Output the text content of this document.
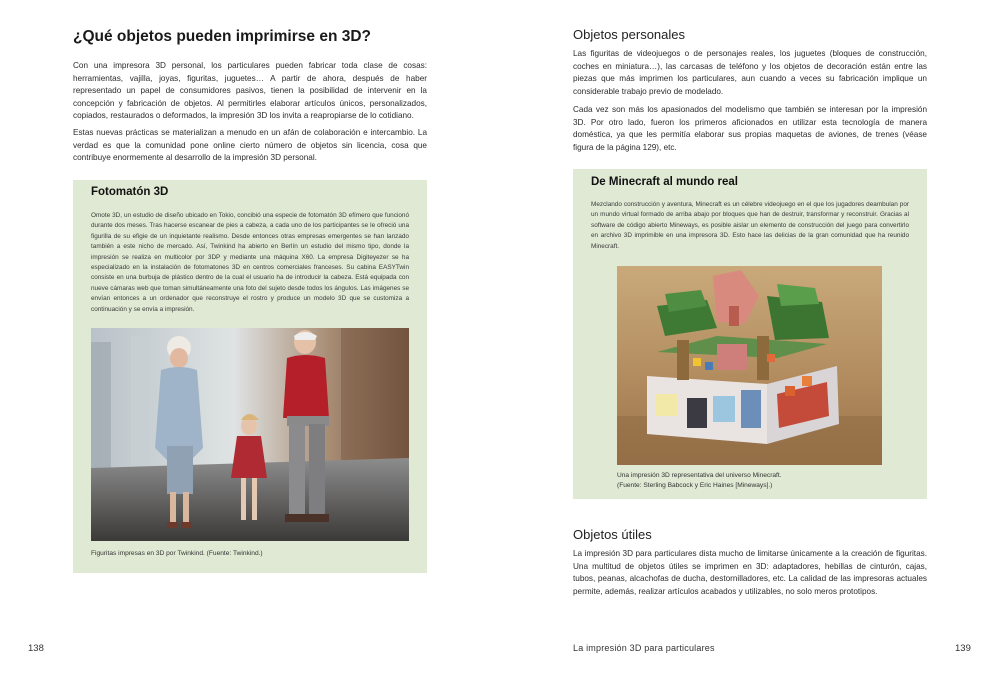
¿Qué objetos pueden imprimirse en 3D?

Con una impresora 3D personal, los particulares pueden fabricar toda clase de cosas: herramientas, vajilla, joyas, figuritas, juguetes… A partir de ahora, después de haber representado un papel de consumidores pasivos, tienen la posibilidad de intervenir en la concepción y fabricación de objetos. Al permitirles elaborar artículos únicos, personalizados, copiados, restaurados o deformados, la impresión 3D los invita a reapropiarse de lo cotidiano.

Estas nuevas prácticas se materializan a menudo en un afán de colaboración e intercambio. La verdad es que la comunidad pone online cierto número de objetos sin licencia, cosa que contribuye enormemente al desarrollo de la impresión 3D personal.

Fotomatón 3D

Omote 3D, un estudio de diseño ubicado en Tokio, concibió una especie de fotomatón 3D efímero que funcionó durante dos meses. Tras hacerse escanear de pies a cabeza, a cada uno de los participantes se le ofreció una figurilla de su efigie de un inquietante realismo. Desde entonces otras empresas emergentes se han lanzado también a este nicho de mercado. Así, Twinkind ha abierto en Berlín un estudio del mismo tipo, donde la impresión se realiza en multicolor por 3DP y mediante una máquina X60. La empresa Digiteyezer se ha especializado en la instalación de fotomatones 3D en centros comerciales franceses. Su cabina EASYTwin consiste en una burbuja de plástico dentro de la cual el usuario ha de introducir la cabeza. Está equipada con nueve cámaras web que toman simultáneamente una foto del sujeto desde todos los ángulos. Las imágenes se envían entonces a un ordenador que reconstruye el rostro y produce un modelo 3D que se customiza a continuación y se envía a impresión.

Figuritas impresas en 3D por Twinkind. (Fuente: Twinkind.)

138
Objetos personales

Las figuritas de videojuegos o de personajes reales, los juguetes (bloques de construcción, coches en miniatura…), las carcasas de teléfono y los objetos de decoración están entre las piezas que más imprimen los particulares, aun cuando a veces su fabricación implique un considerable trabajo previo de modelado.

Cada vez son más los apasionados del modelismo que también se interesan por la impresión 3D. Por otro lado, fueron los primeros aficionados en utilizar esta tecnología de manera doméstica, ya que les permitía elaborar sus propias maquetas de aviones, de trenes (véase figura de la página 129), etc.

De Minecraft al mundo real

Mezclando construcción y aventura, Minecraft es un célebre videojuego en el que los jugadores deambulan por un mundo virtual formado de arriba abajo por bloques que han de destruir, transformar y reconstruir. Gracias al software de código abierto Mineways, es posible aislar un elemento de construcción del juego para convertirlo en archivo 3D imprimible en una impresora 3D. Esto hace las delicias de la gran comunidad que ha reunido Minecraft.

Una impresión 3D representativa del universo Minecraft.

(Fuente: Sterling Babcock y Eric Haines [Mineways].)

Objetos útiles

La impresión 3D para particulares dista mucho de limitarse únicamente a la creación de figuritas. Una multitud de objetos útiles se imprimen en 3D: adaptadores, hebillas de cinturón, cajas, tubos, peanas, alcachofas de ducha, destornilladores, etc. La calidad de las impresoras actuales permite, además, realizar artículos acabados y utilizables, no solo meros prototipos.

La impresión 3D para particulares	139
